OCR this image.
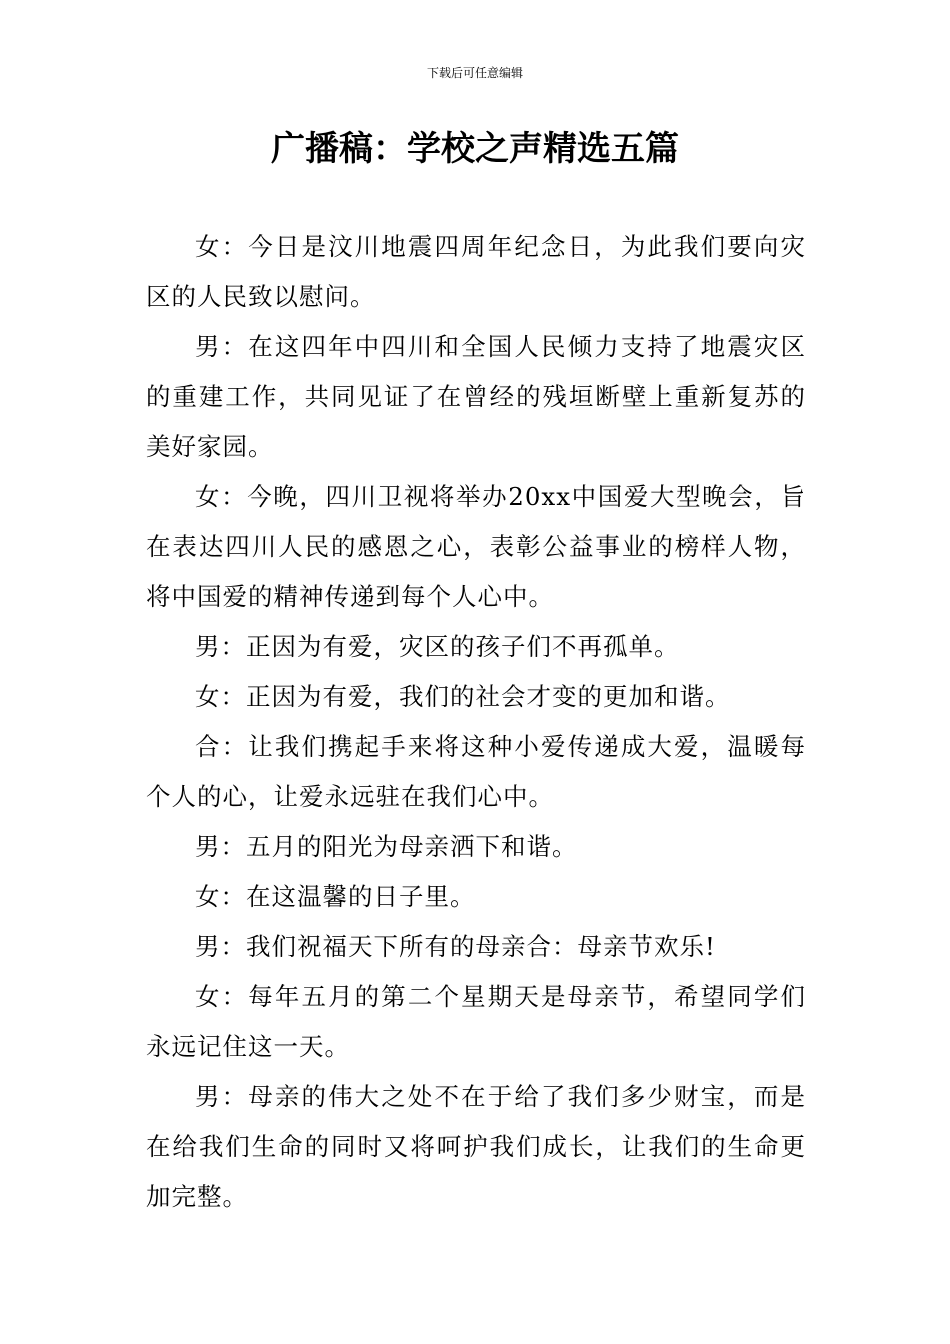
下载后可任意编辑
广播稿：学校之声精选五篇

女：今日是汶川地震四周年纪念日，为此我们要向灾区的人民致以慰问。

男：在这四年中四川和全国人民倾力支持了地震灾区的重建工作，共同见证了在曾经的残垣断壁上重新复苏的美好家园。

女：今晚，四川卫视将举办20xx中国爱大型晚会，旨在表达四川人民的感恩之心，表彰公益事业的榜样人物，将中国爱的精神传递到每个人心中。

男：正因为有爱，灾区的孩子们不再孤单。

女：正因为有爱，我们的社会才变的更加和谐。

合：让我们携起手来将这种小爱传递成大爱，温暖每个人的心，让爱永远驻在我们心中。

男：五月的阳光为母亲洒下和谐。

女：在这温馨的日子里。

男：我们祝福天下所有的母亲合：母亲节欢乐!

女：每年五月的第二个星期天是母亲节，希望同学们永远记住这一天。

男：母亲的伟大之处不在于给了我们多少财宝，而是在给我们生命的同时又将呵护我们成长，让我们的生命更加完整。
